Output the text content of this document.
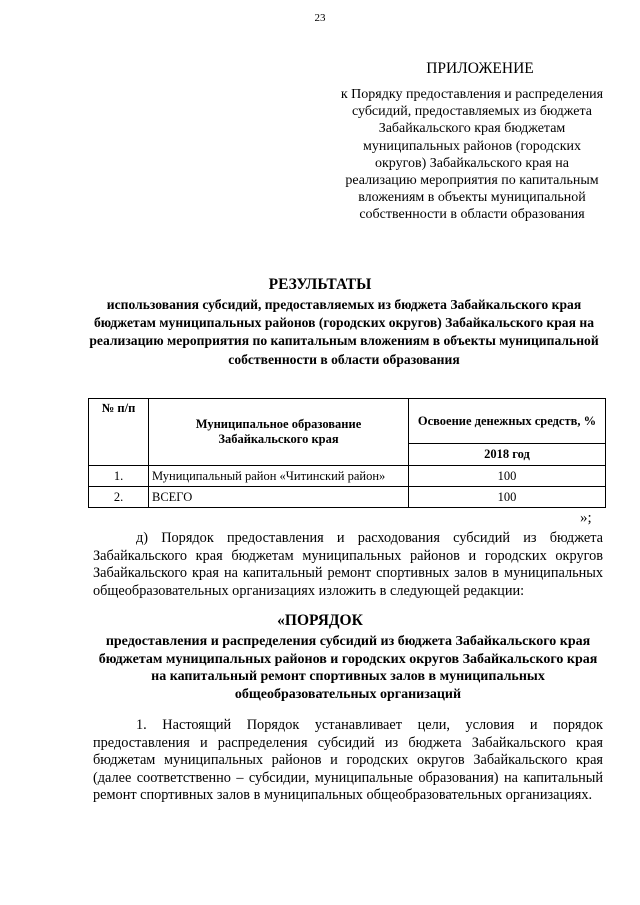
23
ПРИЛОЖЕНИЕ
к Порядку предоставления и распределения субсидий, предоставляемых из бюджета Забайкальского края бюджетам муниципальных районов (городских округов) Забайкальского края на реализацию мероприятия по капитальным вложениям в объекты муниципальной собственности в области образования
РЕЗУЛЬТАТЫ
использования субсидий, предоставляемых из бюджета Забайкальского края бюджетам муниципальных районов (городских округов) Забайкальского края на реализацию мероприятия по капитальным вложениям в объекты муниципальной собственности в области образования
№ п/п	Муниципальное образование Забайкальского края	Освоение денежных средств, %
		2018 год
1.	Муниципальный район «Читинский район»	100
2.	ВСЕГО	100
»;
д) Порядок предоставления и расходования субсидий из бюджета Забайкальского края бюджетам муниципальных районов и городских округов Забайкальского края на капитальный ремонт спортивных залов в муниципальных общеобразовательных организациях изложить в следующей редакции:
«ПОРЯДОК
предоставления и распределения субсидий из бюджета Забайкальского края бюджетам муниципальных районов и городских округов Забайкальского края на капитальный ремонт спортивных залов в муниципальных общеобразовательных организаций
1. Настоящий Порядок устанавливает цели, условия и порядок предоставления и распределения субсидий из бюджета Забайкальского края бюджетам муниципальных районов и городских округов Забайкальского края (далее соответственно – субсидии, муниципальные образования) на капитальный ремонт спортивных залов в муниципальных общеобразовательных организациях.
